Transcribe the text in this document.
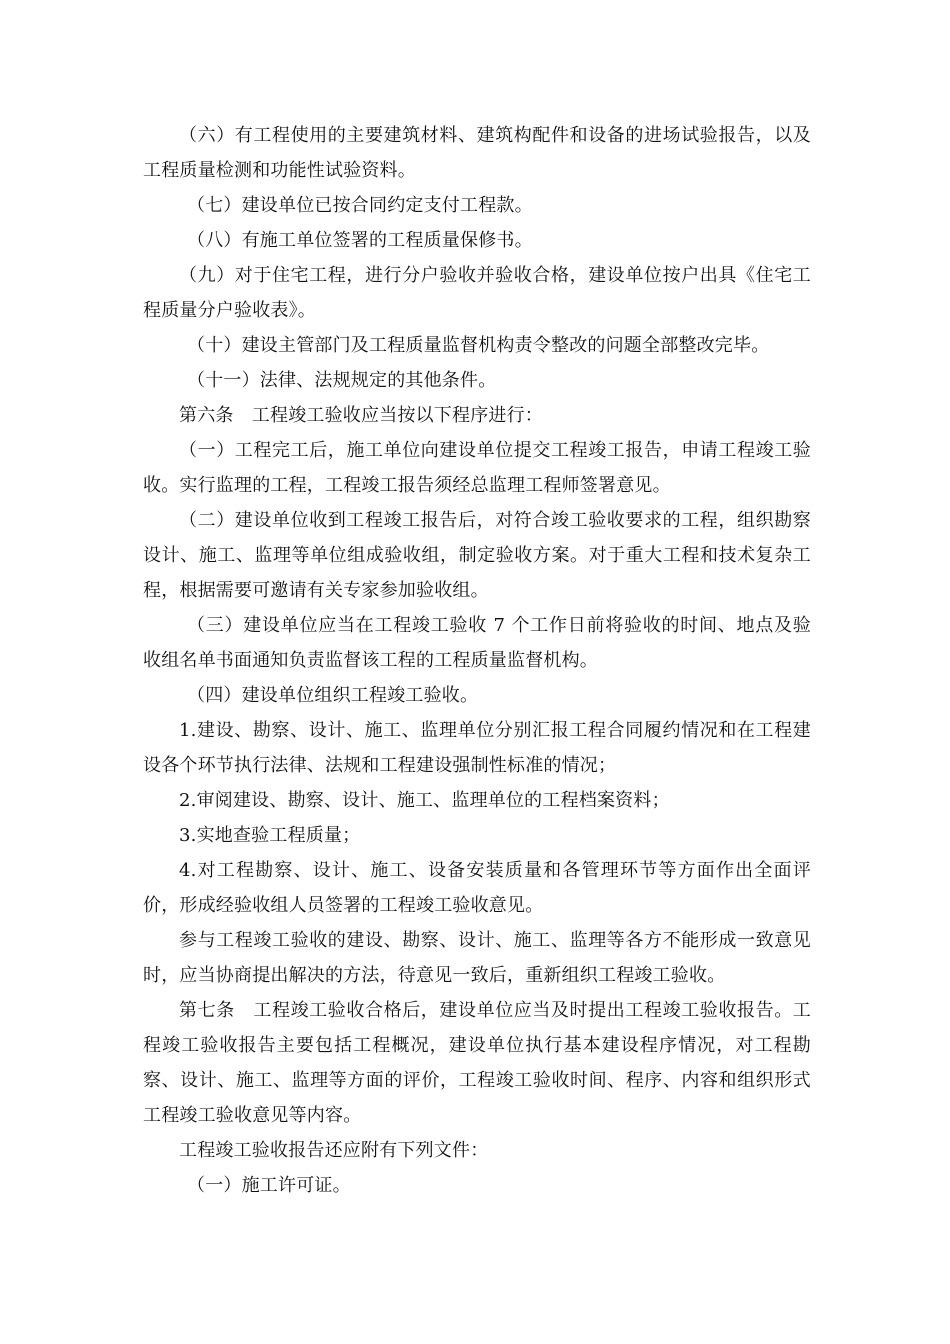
（六）有工程使用的主要建筑材料、建筑构配件和设备的进场试验报告，以及工程质量检测和功能性试验资料。

（七）建设单位已按合同约定支付工程款。

（八）有施工单位签署的工程质量保修书。

（九）对于住宅工程，进行分户验收并验收合格，建设单位按户出具《住宅工程质量分户验收表》。

（十）建设主管部门及工程质量监督机构责令整改的问题全部整改完毕。

（十一）法律、法规规定的其他条件。

第六条　工程竣工验收应当按以下程序进行：

（一）工程完工后，施工单位向建设单位提交工程竣工报告，申请工程竣工验收。实行监理的工程，工程竣工报告须经总监理工程师签署意见。

（二）建设单位收到工程竣工报告后，对符合竣工验收要求的工程，组织勘察设计、施工、监理等单位组成验收组，制定验收方案。对于重大工程和技术复杂工程，根据需要可邀请有关专家参加验收组。

（三）建设单位应当在工程竣工验收 7 个工作日前将验收的时间、地点及验收组名单书面通知负责监督该工程的工程质量监督机构。

（四）建设单位组织工程竣工验收。

1.建设、勘察、设计、施工、监理单位分别汇报工程合同履约情况和在工程建设各个环节执行法律、法规和工程建设强制性标准的情况；

2.审阅建设、勘察、设计、施工、监理单位的工程档案资料；

3.实地查验工程质量；

4.对工程勘察、设计、施工、设备安装质量和各管理环节等方面作出全面评价，形成经验收组人员签署的工程竣工验收意见。

参与工程竣工验收的建设、勘察、设计、施工、监理等各方不能形成一致意见时，应当协商提出解决的方法，待意见一致后，重新组织工程竣工验收。

第七条　工程竣工验收合格后，建设单位应当及时提出工程竣工验收报告。工程竣工验收报告主要包括工程概况，建设单位执行基本建设程序情况，对工程勘察、设计、施工、监理等方面的评价，工程竣工验收时间、程序、内容和组织形式工程竣工验收意见等内容。

工程竣工验收报告还应附有下列文件：

（一）施工许可证。
